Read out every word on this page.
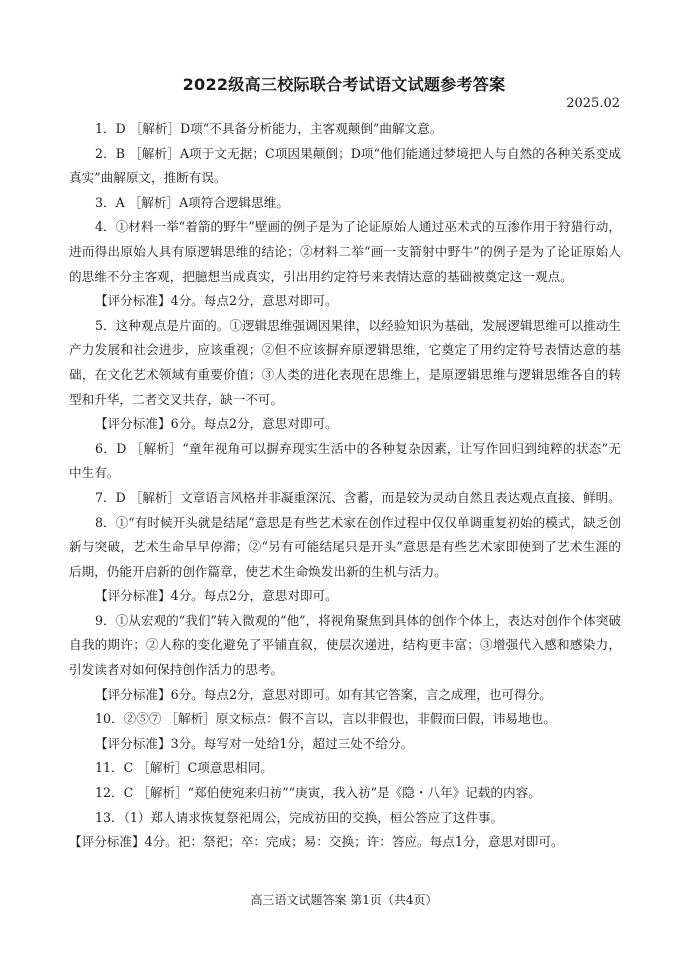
2022级高三校际联合考试语文试题参考答案
2025.02

1．D ［解析］D项“不具备分析能力，主客观颠倒”曲解文意。

2．B ［解析］A项于文无据；C项因果颠倒；D项“他们能通过梦境把人与自然的各种关系变成真实”曲解原文，推断有误。

3．A ［解析］A项符合逻辑思维。

4．①材料一举“着箭的野牛”壁画的例子是为了论证原始人通过巫术式的互渗作用于狩猎行动，进而得出原始人具有原逻辑思维的结论；②材料二举“画一支箭射中野牛”的例子是为了论证原始人的思维不分主客观，把臆想当成真实，引出用约定符号来表情达意的基础被奠定这一观点。

【评分标准】4分。每点2分，意思对即可。

5．这种观点是片面的。①逻辑思维强调因果律，以经验知识为基础，发展逻辑思维可以推动生产力发展和社会进步，应该重视；②但不应该摒弃原逻辑思维，它奠定了用约定符号表情达意的基础，在文化艺术领域有重要价值；③人类的进化表现在思维上，是原逻辑思维与逻辑思维各自的转型和升华，二者交叉共存，缺一不可。

【评分标准】6分。每点2分，意思对即可。

6．D ［解析］“童年视角可以摒弃现实生活中的各种复杂因素，让写作回归到纯粹的状态”无中生有。

7．D ［解析］文章语言风格并非凝重深沉、含蓄，而是较为灵动自然且表达观点直接、鲜明。

8．①“有时候开头就是结尾”意思是有些艺术家在创作过程中仅仅单调重复初始的模式，缺乏创新与突破，艺术生命早早停滞；②“另有可能结尾只是开头”意思是有些艺术家即使到了艺术生涯的后期，仍能开启新的创作篇章，使艺术生命焕发出新的生机与活力。

【评分标准】4分。每点2分，意思对即可。

9．①从宏观的“我们”转入微观的“他”，将视角聚焦到具体的创作个体上，表达对创作个体突破自我的期许；②人称的变化避免了平铺直叙，使层次递进，结构更丰富；③增强代入感和感染力，引发读者对如何保持创作活力的思考。

【评分标准】6分。每点2分，意思对即可。如有其它答案，言之成理，也可得分。

10．②⑤⑦ ［解析］原文标点：假不言以，言以非假也，非假而曰假，讳易地也。

【评分标准】3分。每写对一处给1分，超过三处不给分。

11．C ［解析］C项意思相同。

12．C ［解析］“郑伯使宛来归祊”“庚寅，我入祊”是《隐・八年》记载的内容。

13．（1）郑人请求恢复祭祀周公，完成祊田的交换，桓公答应了这件事。

【评分标准】4分。祀：祭祀；卒：完成；易：交换；许：答应。每点1分，意思对即可。

高三语文试题答案 第1页（共4页）
